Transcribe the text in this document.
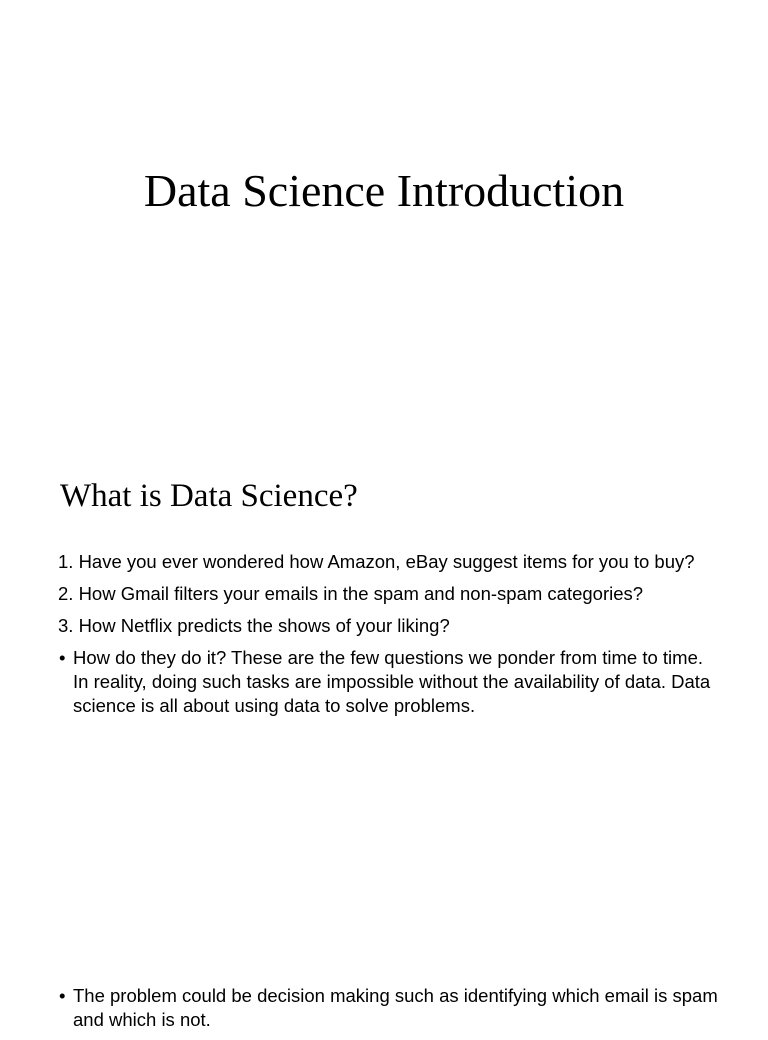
Data Science Introduction
What is Data Science?

1. Have you ever wondered how Amazon, eBay suggest items for you to buy?

2. How Gmail filters your emails in the spam and non-spam categories?

3. How Netflix predicts the shows of your liking?

• How do they do it? These are the few questions we ponder from time to time. In reality, doing such tasks are impossible without the availability of data. Data science is all about using data to solve problems.
• The problem could be decision making such as identifying which email is spam and which is not.
